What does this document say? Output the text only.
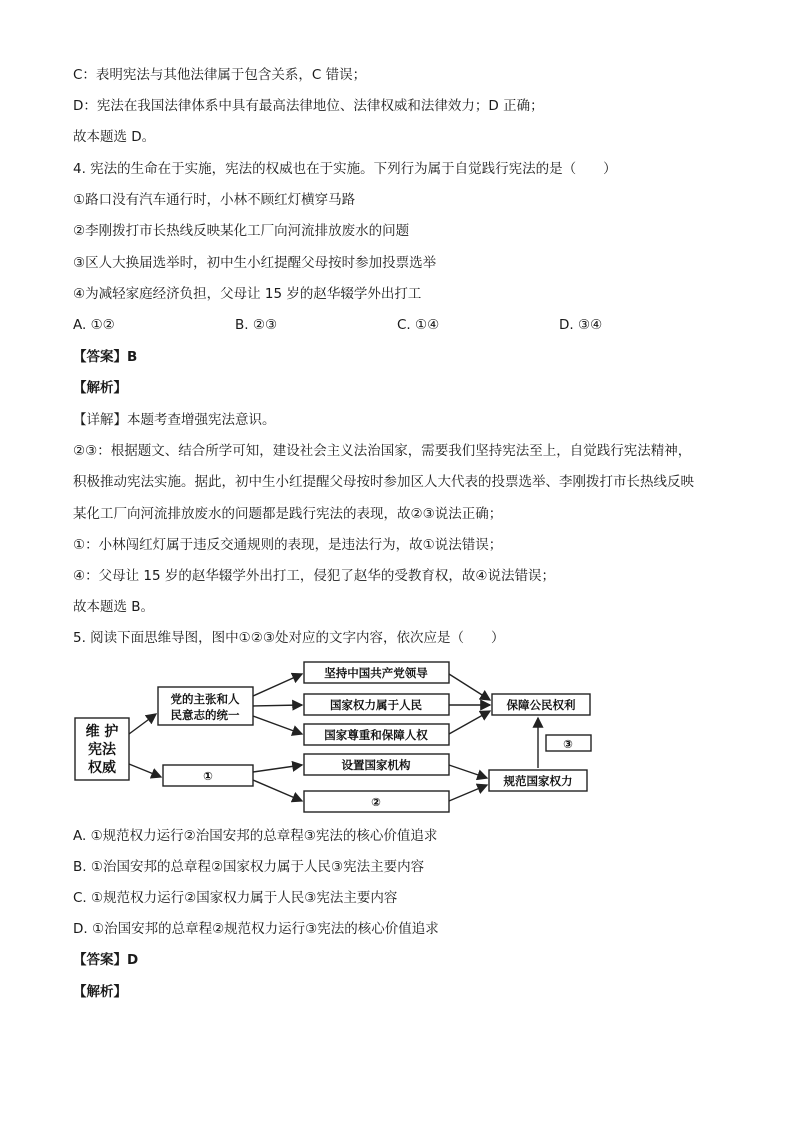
C：表明宪法与其他法律属于包含关系，C 错误；
D：宪法在我国法律体系中具有最高法律地位、法律权威和法律效力；D 正确；
故本题选 D。
4. 宪法的生命在于实施，宪法的权威也在于实施。下列行为属于自觉践行宪法的是（　　）
①路口没有汽车通行时，小林不顾红灯横穿马路
②李刚拨打市长热线反映某化工厂向河流排放废水的问题
③区人大换届选举时，初中生小红提醒父母按时参加投票选举
④为减轻家庭经济负担，父母让 15 岁的赵华辍学外出打工
A. ①②	B. ②③	C. ①④	D. ③④
【答案】B
【解析】
【详解】本题考查增强宪法意识。
②③：根据题文、结合所学可知，建设社会主义法治国家，需要我们坚持宪法至上，自觉践行宪法精神，
积极推动宪法实施。据此，初中生小红提醒父母按时参加区人大代表的投票选举、李刚拨打市长热线反映
某化工厂向河流排放废水的问题都是践行宪法的表现，故②③说法正确；
①：小林闯红灯属于违反交通规则的表现，是违法行为，故①说法错误；
④：父母让 15 岁的赵华辍学外出打工，侵犯了赵华的受教育权，故④说法错误；
故本题选 B。
5. 阅读下面思维导图，图中①②③处对应的文字内容，依次应是（　　）
维 护
宪法
权威
党的主张和人
民意志的统一
①
坚持中国共产党领导
国家权力属于人民
国家尊重和保障人权
设置国家机构
②
保障公民权利
规范国家权力
③
A. ①规范权力运行②治国安邦的总章程③宪法的核心价值追求
B. ①治国安邦的总章程②国家权力属于人民③宪法主要内容
C. ①规范权力运行②国家权力属于人民③宪法主要内容
D. ①治国安邦的总章程②规范权力运行③宪法的核心价值追求
【答案】D
【解析】
